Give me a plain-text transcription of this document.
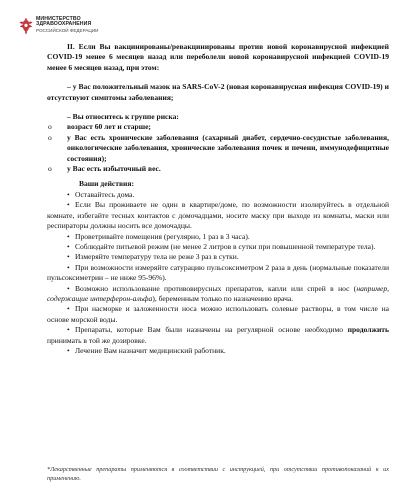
МИНИСТЕРСТВО
ЗДРАВООХРАНЕНИЯ
РОССИЙСКОЙ ФЕДЕРАЦИИ

II. Если Вы вакцинированы/ревакцинированы против новой коронавирусной инфекцией COVID-19 менее 6 месяцев назад или переболели новой коронавирусной инфекцией COVID-19 менее 6 месяцев назад, при этом:

– у Вас положительный мазок на SARS-CoV-2 (новая коронавирусная инфекция COVID-19) и отсутствуют симптомы заболевания;

– Вы относитесь к группе риска:

o возраст 60 лет и старше;

o у Вас есть хронические заболевания (сахарный диабет, сердечно-сосудистые заболевания, онкологические заболевания, хронические заболевания почек и печени, иммунодефицитные состояния);

o у Вас есть избыточный вес.

Ваши действия:

•Оставайтесь дома.

•Если Вы проживаете не один в квартире/доме, по возможности изолируйтесь в отдельной комнате, избегайте тесных контактов с домочадцами, носите маску при выходе из комнаты, маски или респираторы должны носить все домочадцы.

•Проветривайте помещения (регулярно, 1 раз в 3 часа).

•Соблюдайте питьевой режим (не менее 2 литров в сутки при повышенной температуре тела).

•Измеряйте температуру тела не реже 3 раз в сутки.

•При возможности измеряйте сатурацию пульсоксиметром 2 раза в день (нормальные показатели пульсоксиметрии – не ниже 95-96%).

•Возможно использование противовирусных препаратов, капли или спрей в нос (например, содержащие интерферон-альфа), беременным только по назначению врача.

•При насморке и заложенности носа можно использовать солевые растворы, в том числе на основе морской воды.

•Препараты, которые Вам были назначены на регулярной основе необходимо продолжить принимать в той же дозировке.

•Лечение Вам назначит медицинский работник.

*Лекарственные препараты применяются в соответствии с инструкцией, при отсутствии противопоказаний к их применению.
